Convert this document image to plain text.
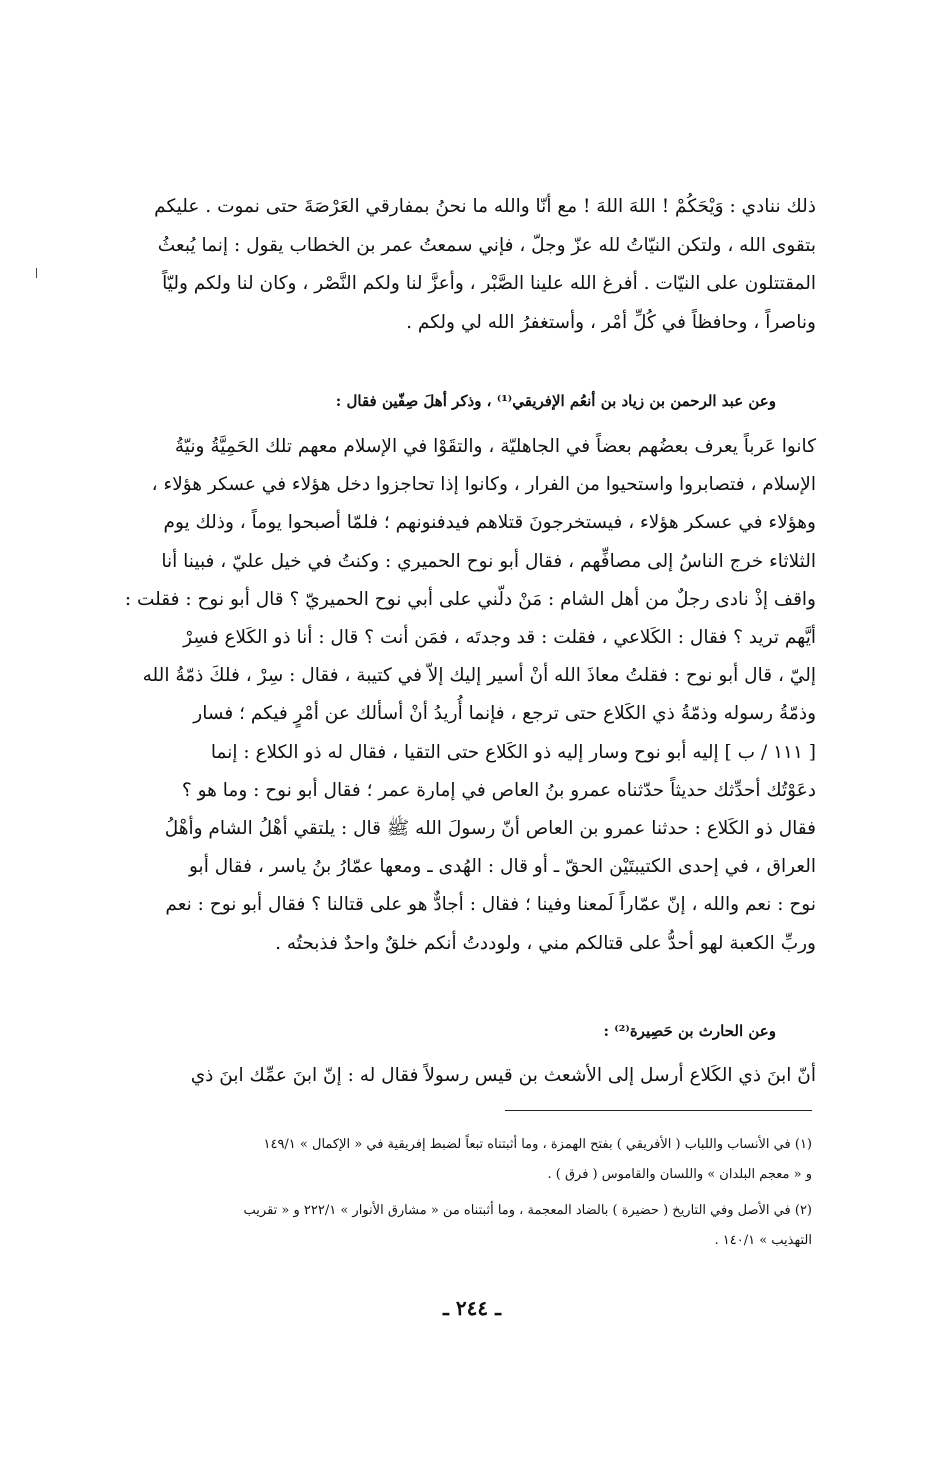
ذلك ننادي : وَيْحَكُمْ ! اللهَ اللهَ ! مع أنّا والله ما نحنُ بمفارقي العَرْصَةَ حتى نموت . عليكم
بتقوى الله ، ولتكن النيّاتُ لله عزّ وجلّ ، فإني سمعتُ عمر بن الخطاب يقول : إنما يُبعثُ
المقتتلون على النيّات . أفرغ الله علينا الصَّبْر ، وأعزَّ لنا ولكم النَّصْر ، وكان لنا ولكم وليّاً
وناصراً ، وحافظاً في كُلِّ أمْر ، وأستغفرُ الله لي ولكم .
وعن عبد الرحمن بن زياد بن أنعُم الإفريقي⁽¹⁾ ، وذكر أهلَ صِفّين فقال :
كانوا عَرباً يعرف بعضُهم بعضاً في الجاهليّة ، والتقَوْا في الإسلام معهم تلك الحَمِيَّةُ ونيّةُ
الإسلام ، فتصابروا واستحيوا من الفرار ، وكانوا إذا تحاجزوا دخل هؤلاء في عسكر هؤلاء ،
وهؤلاء في عسكر هؤلاء ، فيستخرجونَ قتلاهم فيدفنونهم ؛ فلمّا أصبحوا يوماً ، وذلك يوم
الثلاثاء خرج الناسُ إلى مصافِّهم ، فقال أبو نوح الحميري : وكنتُ في خيل عليّ ، فبينا أنا
واقف إذْ نادى رجلٌ من أهل الشام : مَنْ دلّني على أبي نوح الحميريّ ؟ قال أبو نوح : فقلت :
أيَّهم تريد ؟ فقال : الكَلاعي ، فقلت : قد وجدتَه ، فمَن أنت ؟ قال : أنا ذو الكَلاع فسِرْ
إليّ ، قال أبو نوح : فقلتُ معاذَ الله أنْ أسير إليك إلاّ في كتيبة ، فقال : سِرْ ، فلكَ ذمّةُ الله
وذمّةُ رسوله وذمّةُ ذي الكَلاع حتى ترجع ، فإنما أُريدُ أنْ أسألك عن أمْرٍ فيكم ؛ فسار
[ ١١١ / ب ] إليه أبو نوح وسار إليه ذو الكَلاع حتى التقيا ، فقال له ذو الكلاع : إنما
دعَوْتُك أحدِّثك حديثاً حدّثناه عمرو بنُ العاص في إمارة عمر ؛ فقال أبو نوح : وما هو ؟
فقال ذو الكَلاع : حدثنا عمرو بن العاص أنّ رسولَ الله ﷺ قال : يلتقي أهْلُ الشام وأهْلُ
العراق ، في إحدى الكتيبتَيْن الحقّ ـ أو قال : الهُدى ـ ومعها عمّارُ بنُ ياسر ، فقال أبو
نوح : نعم والله ، إنّ عمّاراً لَمعنا وفينا ؛ فقال : أجادٌّ هو على قتالنا ؟ فقال أبو نوح : نعم
وربِّ الكعبة لهو أحدُّ على قتالكم مني ، ولوددتُ أنكم خلقٌ واحدٌ فذبحتُه .
وعن الحارث بن حَصِيرة⁽²⁾ :
أنّ ابنَ ذي الكَلاع أرسل إلى الأشعث بن قيس رسولاً فقال له : إنّ ابنَ عمِّك ابنَ ذي
(١) في الأنساب واللباب ( الأفريقي ) بفتح الهمزة ، وما أثبتناه تبعاً لضبط إفريقية في « الإكمال » ١٤٩/١
و « معجم البلدان » واللسان والقاموس ( فرق ) .
(٢) في الأصل وفي التاريخ ( حضيرة ) بالضاد المعجمة ، وما أثبتناه من « مشارق الأنوار » ٢٢٢/١ و « تقريب
التهذيب » ١٤٠/١ .
ـ ٢٤٤ ـ
